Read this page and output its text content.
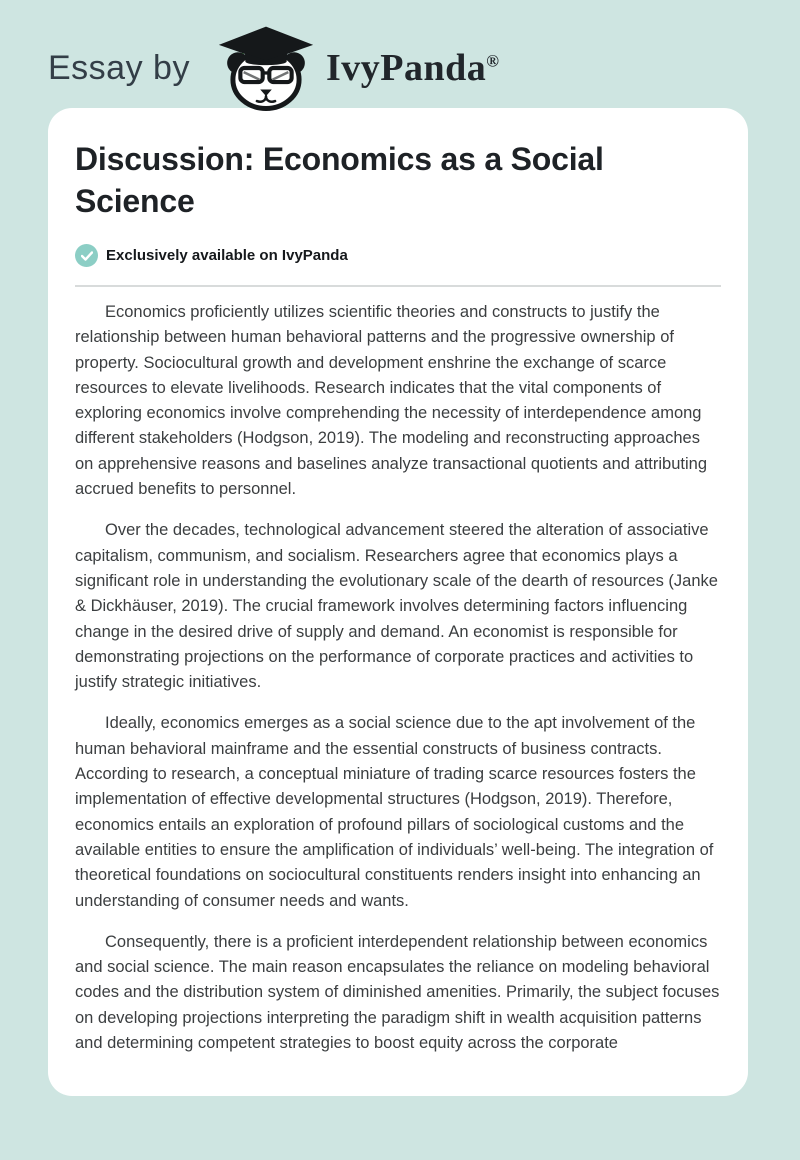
Essay by	IvyPanda®
Discussion: Economics as a Social Science
Exclusively available on IvyPanda

Economics proficiently utilizes scientific theories and constructs to justify the relationship between human behavioral patterns and the progressive ownership of property. Sociocultural growth and development enshrine the exchange of scarce resources to elevate livelihoods. Research indicates that the vital components of exploring economics involve comprehending the necessity of interdependence among different stakeholders (Hodgson, 2019). The modeling and reconstructing approaches on apprehensive reasons and baselines analyze transactional quotients and attributing accrued benefits to personnel.

Over the decades, technological advancement steered the alteration of associative capitalism, communism, and socialism. Researchers agree that economics plays a significant role in understanding the evolutionary scale of the dearth of resources (Janke & Dickhäuser, 2019). The crucial framework involves determining factors influencing change in the desired drive of supply and demand. An economist is responsible for demonstrating projections on the performance of corporate practices and activities to justify strategic initiatives.

Ideally, economics emerges as a social science due to the apt involvement of the human behavioral mainframe and the essential constructs of business contracts. According to research, a conceptual miniature of trading scarce resources fosters the implementation of effective developmental structures (Hodgson, 2019). Therefore, economics entails an exploration of profound pillars of sociological customs and the available entities to ensure the amplification of individuals’ well-being. The integration of theoretical foundations on sociocultural constituents renders insight into enhancing an understanding of consumer needs and wants.

Consequently, there is a proficient interdependent relationship between economics and social science. The main reason encapsulates the reliance on modeling behavioral codes and the distribution system of diminished amenities. Primarily, the subject focuses on developing projections interpreting the paradigm shift in wealth acquisition patterns and determining competent strategies to boost equity across the corporate
